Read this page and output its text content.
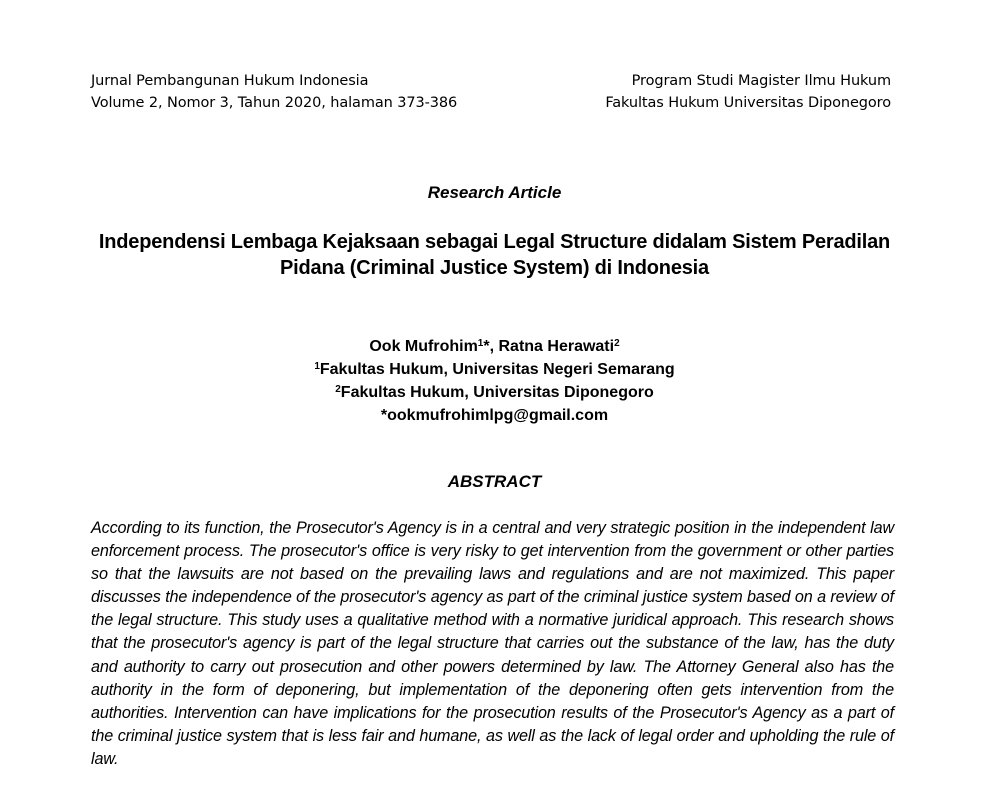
Jurnal Pembangunan Hukum Indonesia
Volume 2, Nomor 3, Tahun 2020, halaman 373-386
Program Studi Magister Ilmu Hukum
Fakultas Hukum Universitas Diponegoro
Research Article
Independensi Lembaga Kejaksaan sebagai Legal Structure didalam Sistem Peradilan
Pidana (Criminal Justice System) di Indonesia
Ook Mufrohim$^1$*, Ratna Herawati$^2$
$^1$Fakultas Hukum, Universitas Negeri Semarang
$^2$Fakultas Hukum, Universitas Diponegoro
*ookmufrohimlpg@gmail.com
ABSTRACT
According to its function, the Prosecutor's Agency is in a central and very strategic position in the independent law enforcement process. The prosecutor's office is very risky to get intervention from the government or other parties so that the lawsuits are not based on the prevailing laws and regulations and are not maximized. This paper discusses the independence of the prosecutor's agency as part of the criminal justice system based on a review of the legal structure. This study uses a qualitative method with a normative juridical approach. This research shows that the prosecutor's agency is part of the legal structure that carries out the substance of the law, has the duty and authority to carry out prosecution and other powers determined by law. The Attorney General also has the authority in the form of deponering, but implementation of the deponering often gets intervention from the authorities. Intervention can have implications for the prosecution results of the Prosecutor's Agency as a part of the criminal justice system that is less fair and humane, as well as the lack of legal order and upholding the rule of law.
